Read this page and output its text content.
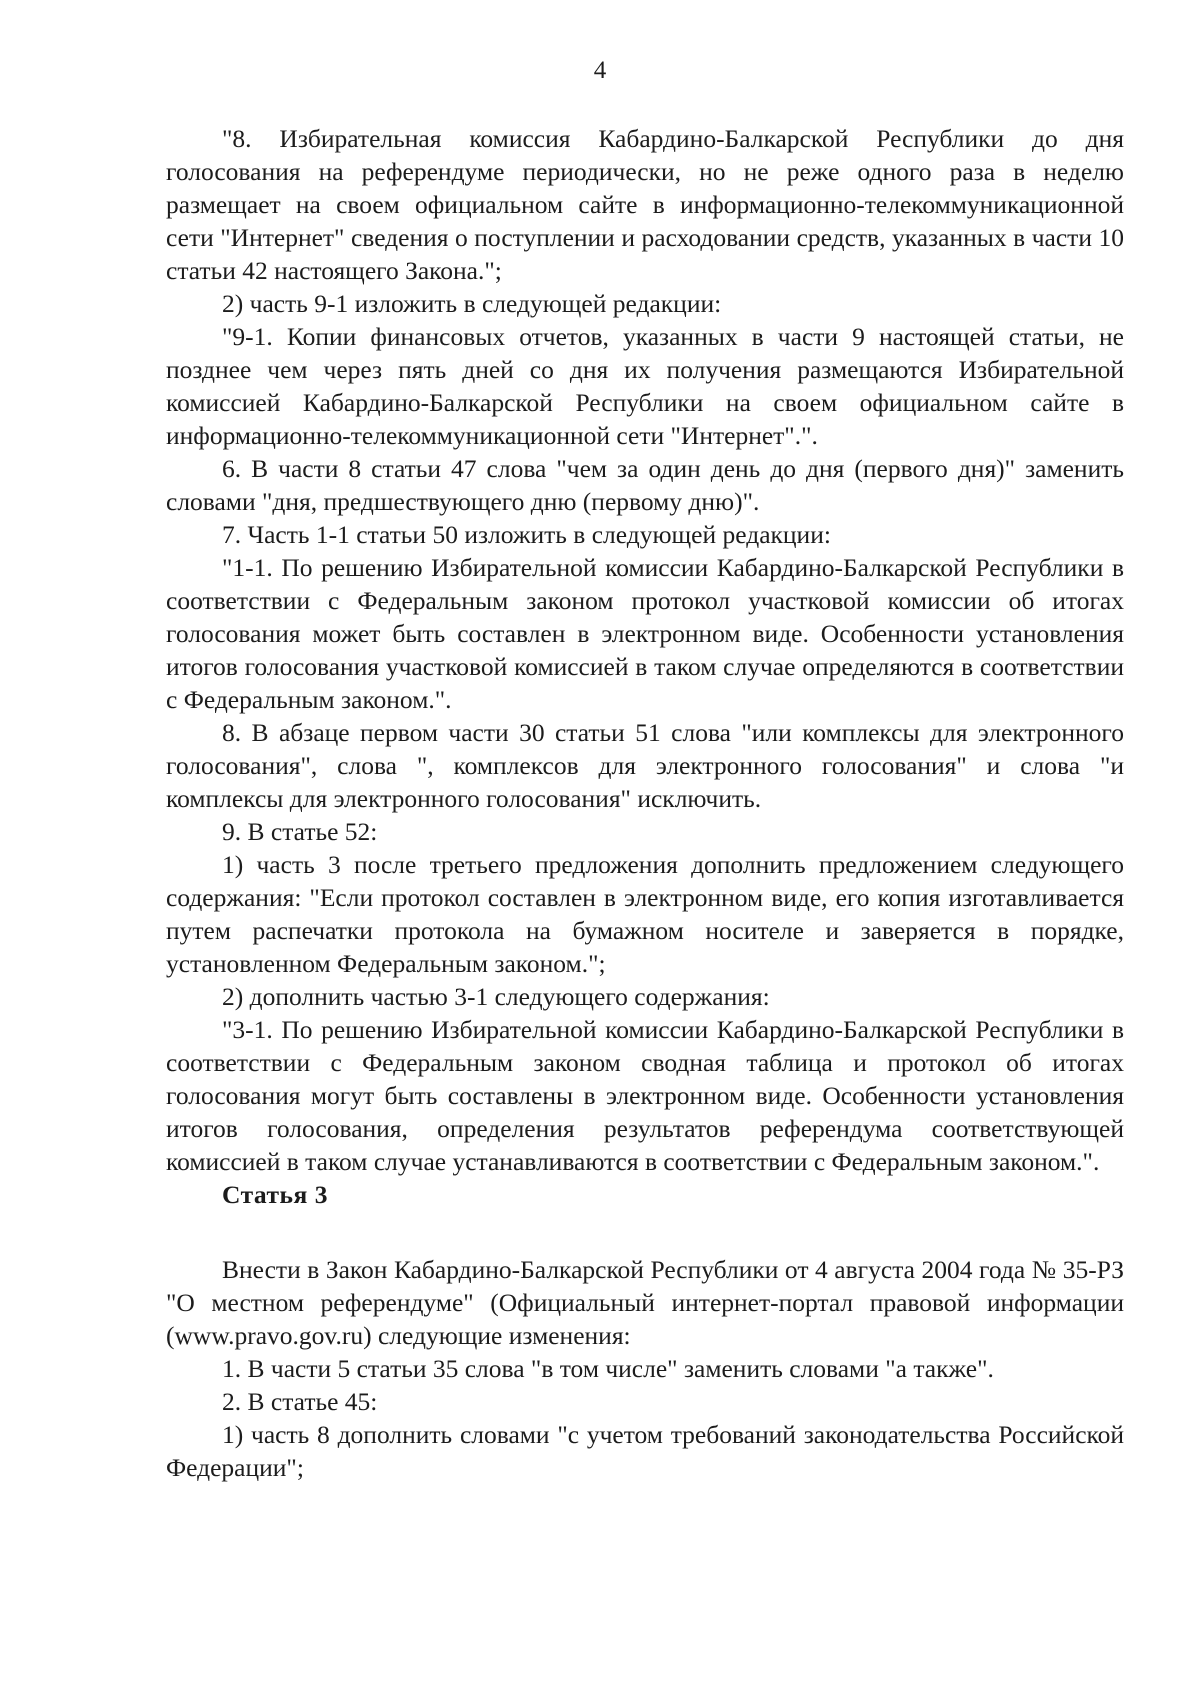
4

"8. Избирательная комиссия Кабардино-Балкарской Республики до дня голосования на референдуме периодически, но не реже одного раза в неделю размещает на своем официальном сайте в информационно-телекоммуникационной сети "Интернет" сведения о поступлении и расходовании средств, указанных в части 10 статьи 42 настоящего Закона.";

2) часть 9-1 изложить в следующей редакции:

"9-1. Копии финансовых отчетов, указанных в части 9 настоящей статьи, не позднее чем через пять дней со дня их получения размещаются Избирательной комиссией Кабардино-Балкарской Республики на своем официальном сайте в информационно-телекоммуникационной сети "Интернет".".

6. В части 8 статьи 47 слова "чем за один день до дня (первого дня)" заменить словами "дня, предшествующего дню (первому дню)".

7. Часть 1-1 статьи 50 изложить в следующей редакции:

"1-1. По решению Избирательной комиссии Кабардино-Балкарской Республики в соответствии с Федеральным законом протокол участковой комиссии об итогах голосования может быть составлен в электронном виде. Особенности установления итогов голосования участковой комиссией в таком случае определяются в соответствии с Федеральным законом.".

8. В абзаце первом части 30 статьи 51 слова "или комплексы для электронного голосования", слова ", комплексов для электронного голосования" и слова "и комплексы для электронного голосования" исключить.

9. В статье 52:

1) часть 3 после третьего предложения дополнить предложением следующего содержания: "Если протокол составлен в электронном виде, его копия изготавливается путем распечатки протокола на бумажном носителе и заверяется в порядке, установленном Федеральным законом.";

2) дополнить частью 3-1 следующего содержания:

"3-1. По решению Избирательной комиссии Кабардино-Балкарской Республики в соответствии с Федеральным законом сводная таблица и протокол об итогах голосования могут быть составлены в электронном виде. Особенности установления итогов голосования, определения результатов референдума соответствующей комиссией в таком случае устанавливаются в соответствии с Федеральным законом.".

Статья 3

Внести в Закон Кабардино-Балкарской Республики от 4 августа 2004 года № 35-РЗ "О местном референдуме" (Официальный интернет-портал правовой информации (www.pravo.gov.ru) следующие изменения:

1. В части 5 статьи 35 слова "в том числе" заменить словами "а также".

2. В статье 45:

1) часть 8 дополнить словами "с учетом требований законодательства Российской Федерации";
